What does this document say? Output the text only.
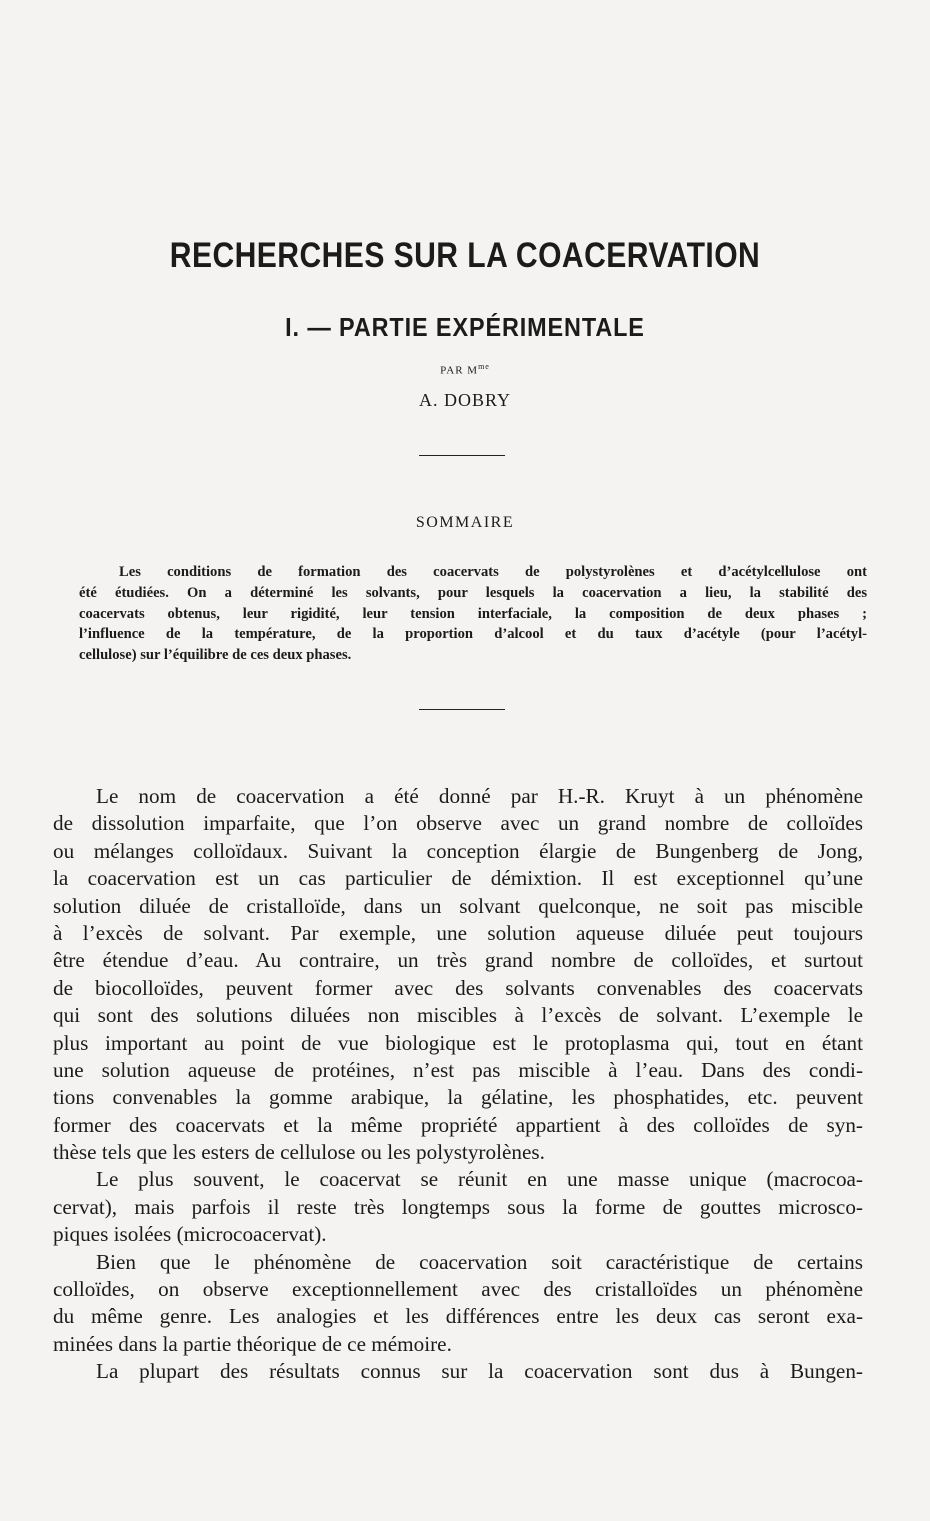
RECHERCHES SUR LA COACERVATION
I. — PARTIE EXPÉRIMENTALE
PAR $M^{me}$
A. DOBRY
SOMMAIRE
Les conditions de formation des coacervats de polystyrolènes et d’acétylcellulose ont
été étudiées. On a déterminé les solvants, pour lesquels la coacervation a lieu, la stabilité des
coacervats obtenus, leur rigidité, leur tension interfaciale, la composition de deux phases ;
l’influence de la température, de la proportion d’alcool et du taux d’acétyle (pour l’acétyl-
cellulose) sur l’équilibre de ces deux phases.
Le nom de coacervation a été donné par H.-R. Kruyt à un phénomène
de dissolution imparfaite, que l’on observe avec un grand nombre de colloïdes
ou mélanges colloïdaux. Suivant la conception élargie de Bungenberg de Jong,
la coacervation est un cas particulier de démixtion. Il est exceptionnel qu’une
solution diluée de cristalloïde, dans un solvant quelconque, ne soit pas miscible
à l’excès de solvant. Par exemple, une solution aqueuse diluée peut toujours
être étendue d’eau. Au contraire, un très grand nombre de colloïdes, et surtout
de biocolloïdes, peuvent former avec des solvants convenables des coacervats
qui sont des solutions diluées non miscibles à l’excès de solvant. L’exemple le
plus important au point de vue biologique est le protoplasma qui, tout en étant
une solution aqueuse de protéines, n’est pas miscible à l’eau. Dans des condi-
tions convenables la gomme arabique, la gélatine, les phosphatides, etc. peuvent
former des coacervats et la même propriété appartient à des colloïdes de syn-
thèse tels que les esters de cellulose ou les polystyrolènes.
Le plus souvent, le coacervat se réunit en une masse unique (macrocoa-
cervat), mais parfois il reste très longtemps sous la forme de gouttes microsco-
piques isolées (microcoacervat).
Bien que le phénomène de coacervation soit caractéristique de certains
colloïdes, on observe exceptionnellement avec des cristalloïdes un phénomène
du même genre. Les analogies et les différences entre les deux cas seront exa-
minées dans la partie théorique de ce mémoire.
La plupart des résultats connus sur la coacervation sont dus à Bungen-
